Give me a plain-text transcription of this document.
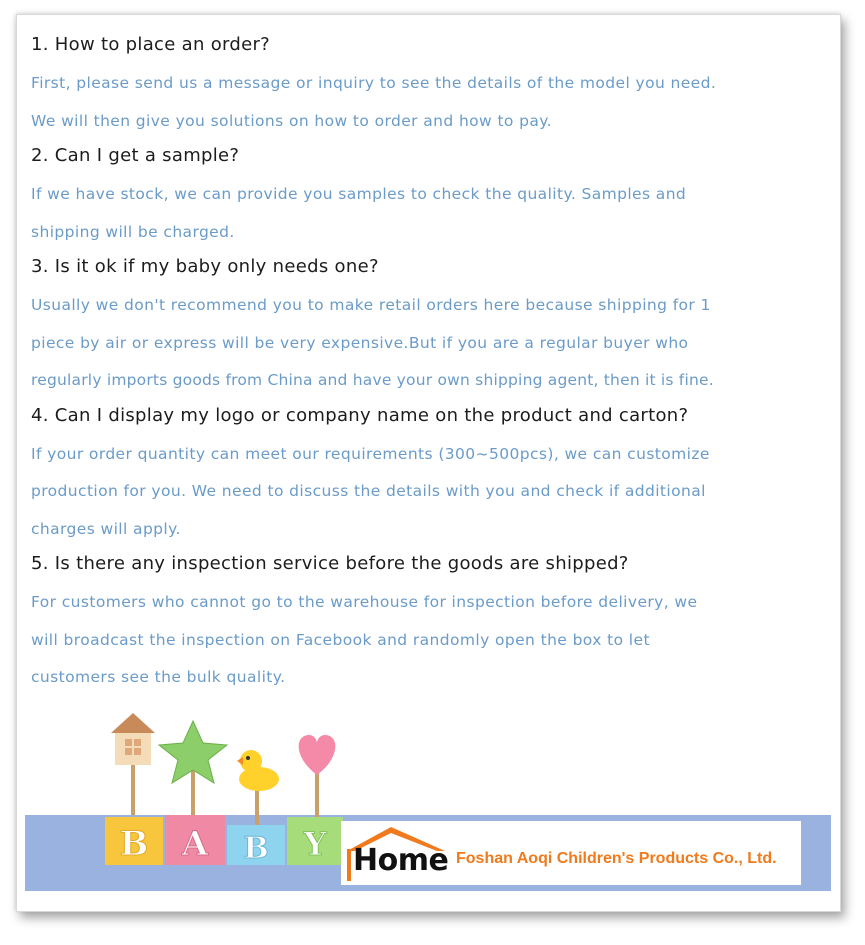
1. How to place an order?
First, please send us a message or inquiry to see the details of the model you need.
We will then give you solutions on how to order and how to pay.
2. Can I get a sample?
If we have stock, we can provide you samples to check the quality. Samples and
shipping will be charged.
3. Is it ok if my baby only needs one?
Usually we don't recommend you to make retail orders here because shipping for 1
piece by air or express will be very expensive.But if you are a regular buyer who
regularly imports goods from China and have your own shipping agent, then it is fine.
4. Can I display my logo or company name on the product and carton?
If your order quantity can meet our requirements (300~500pcs), we can customize
production for you. We need to discuss the details with you and check if additional
charges will apply.
5. Is there any inspection service before the goods are shipped?
For customers who cannot go to the warehouse for inspection before delivery, we
will broadcast the inspection on Facebook and randomly open the box to let
customers see the bulk quality.
B A B Y Home Foshan Aoqi Children's Products Co., Ltd.
